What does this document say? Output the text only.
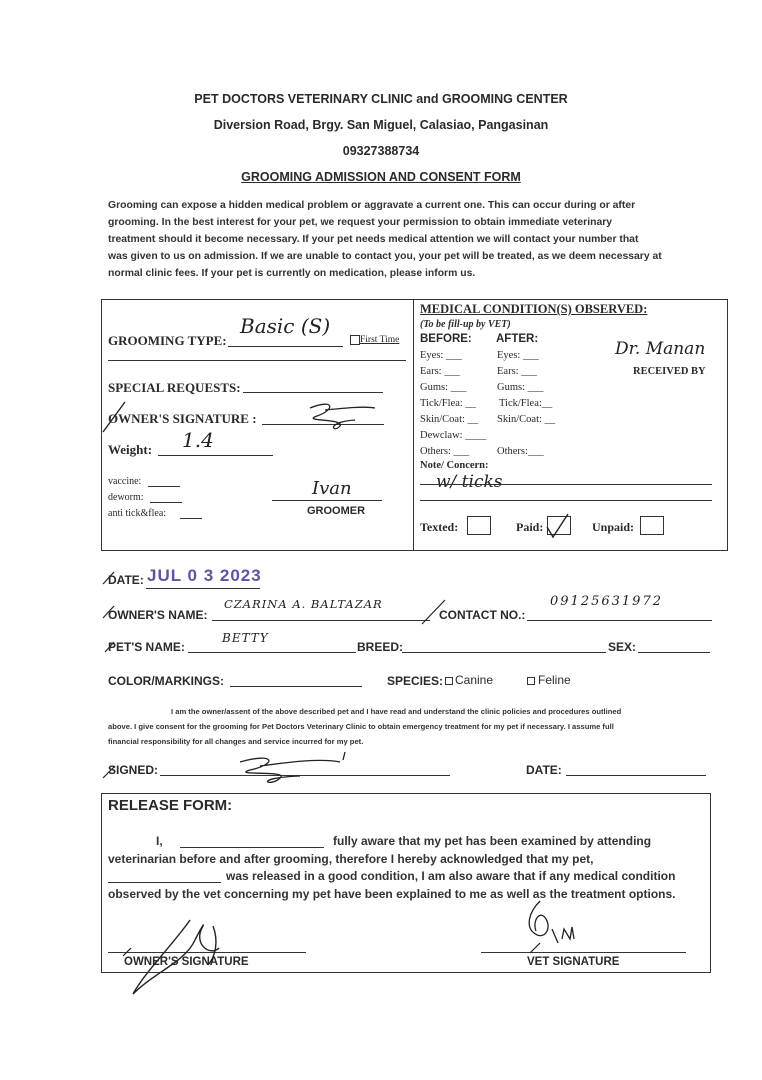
PET DOCTORS VETERINARY CLINIC and GROOMING CENTER
Diversion Road, Brgy. San Miguel, Calasiao, Pangasinan
09327388734
GROOMING ADMISSION AND CONSENT FORM
Grooming can expose a hidden medical problem or aggravate a current one. This can occur during or after
grooming. In the best interest for your pet, we request your permission to obtain immediate veterinary
treatment should it become necessary. If your pet needs medical attention we will contact your number that
was given to us on admission. If we are unable to contact you, your pet will be treated, as we deem necessary at
normal clinic fees. If your pet is currently on medication, please inform us.
GROOMING TYPE:
Basic (S)
First Time
SPECIAL REQUESTS:
OWNER'S SIGNATURE :
Weight: 1.4
vaccine:
deworm:
anti tick&flea:
Ivan
GROOMER
MEDICAL CONDITION(S) OBSERVED:
(To be fill-up by VET)
BEFORE: AFTER:
Eyes: ___	Eyes: ___
Ears: ___	Ears: ___
Gums: ___	Gums: ___
Tick/Flea: __ Tick/Flea:__
Skin/Coat: __ Skin/Coat: __
Dewclaw: ____
Others: ___	Others:___
Dr. Manan
RECEIVED BY
Note/ Concern:
w/ ticks
Texted:	Paid:	Unpaid:
DATE: JUL 0 3 2023
OWNER'S NAME:
CZARINA A. BALTAZAR
CONTACT NO.:
09125631972
PET'S NAME:
BETTY
BREED:	SEX:
COLOR/MARKINGS:	SPECIES: Canine	Feline
I am the owner/assent of the above described pet and I have read and understand the clinic policies and procedures outlined
above. I give consent for the grooming for Pet Doctors Veterinary Clinic to obtain emergency treatment for my pet if necessary. I assume full
financial responsibility for all changes and service incurred for my pet.
SIGNED:	DATE:
RELEASE FORM:
I,	fully aware that my pet has been examined by attending
veterinarian before and after grooming, therefore I hereby acknowledged that my pet,
was released in a good condition, I am also aware that if any medical condition
observed by the vet concerning my pet have been explained to me as well as the treatment options.
OWNER'S SIGNATURE	VET SIGNATURE
